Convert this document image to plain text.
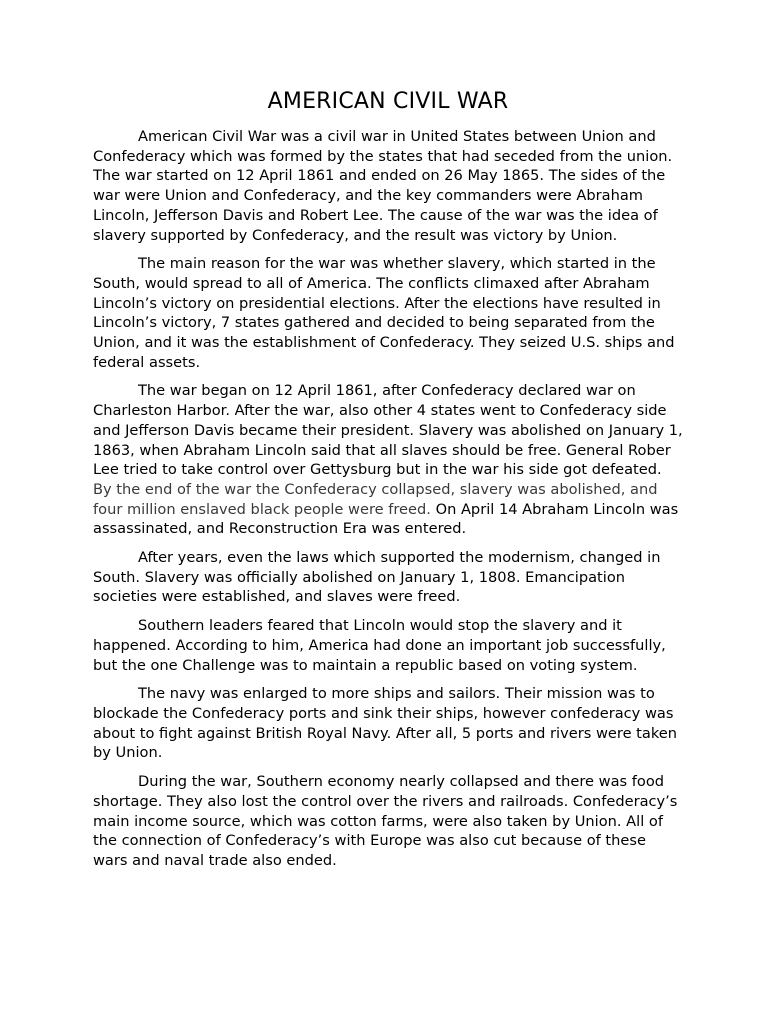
AMERICAN CIVIL WAR

American Civil War was a civil war in United States between Union and Confederacy which was formed by the states that had seceded from the union. The war started on 12 April 1861 and ended on 26 May 1865. The sides of the war were Union and Confederacy, and the key commanders were Abraham Lincoln, Jefferson Davis and Robert Lee. The cause of the war was the idea of slavery supported by Confederacy, and the result was victory by Union.

The main reason for the war was whether slavery, which started in the South, would spread to all of America. The conflicts climaxed after Abraham Lincoln’s victory on presidential elections. After the elections have resulted in Lincoln’s victory, 7 states gathered and decided to being separated from the Union, and it was the establishment of Confederacy. They seized U.S. ships and federal assets.

The war began on 12 April 1861, after Confederacy declared war on Charleston Harbor. After the war, also other 4 states went to Confederacy side and Jefferson Davis became their president. Slavery was abolished on January 1, 1863, when Abraham Lincoln said that all slaves should be free. General Rober Lee tried to take control over Gettysburg but in the war his side got defeated. By the end of the war the Confederacy collapsed, slavery was abolished, and four million enslaved black people were freed. On April 14 Abraham Lincoln was assassinated, and Reconstruction Era was entered.

After years, even the laws which supported the modernism, changed in South. Slavery was officially abolished on January 1, 1808. Emancipation societies were established, and slaves were freed.

Southern leaders feared that Lincoln would stop the slavery and it happened. According to him, America had done an important job successfully, but the one Challenge was to maintain a republic based on voting system.

The navy was enlarged to more ships and sailors. Their mission was to blockade the Confederacy ports and sink their ships, however confederacy was about to fight against British Royal Navy. After all, 5 ports and rivers were taken by Union.

During the war, Southern economy nearly collapsed and there was food shortage. They also lost the control over the rivers and railroads. Confederacy’s main income source, which was cotton farms, were also taken by Union. All of the connection of Confederacy’s with Europe was also cut because of these wars and naval trade also ended.
